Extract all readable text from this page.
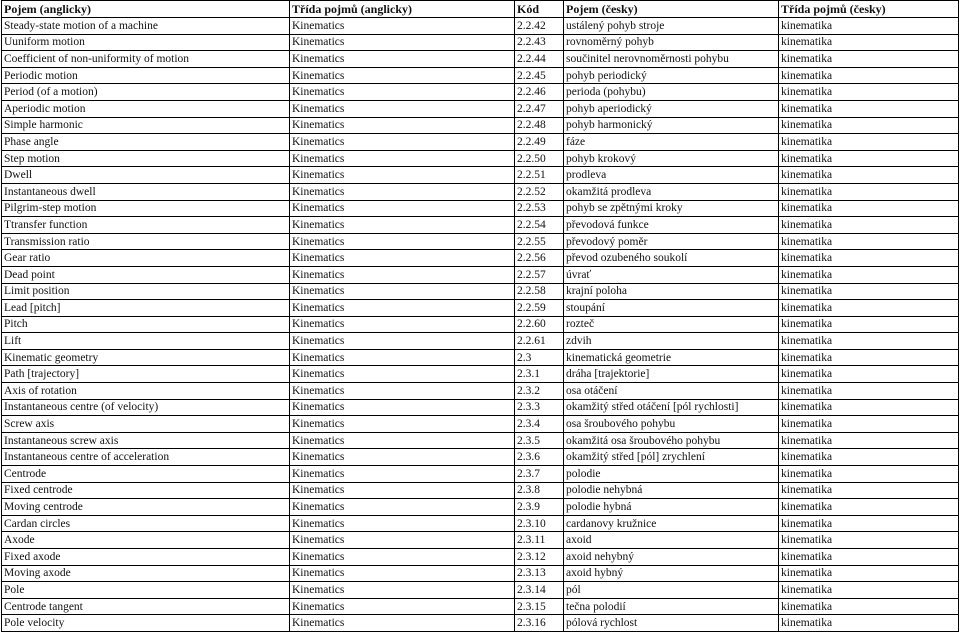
Pojem (anglicky)	Třída pojmů (anglicky)	Kód	Pojem (česky)	Třída pojmů (česky)
Steady-state motion of a machine	Kinematics	2.2.42	ustálený pohyb stroje	kinematika
Uuniform motion	Kinematics	2.2.43	rovnoměrný pohyb	kinematika
Coefficient of non-uniformity of motion	Kinematics	2.2.44	součinitel nerovnoměrnosti pohybu	kinematika
Periodic motion	Kinematics	2.2.45	pohyb periodický	kinematika
Period (of a motion)	Kinematics	2.2.46	perioda (pohybu)	kinematika
Aperiodic motion	Kinematics	2.2.47	pohyb aperiodický	kinematika
Simple harmonic	Kinematics	2.2.48	pohyb harmonický	kinematika
Phase angle	Kinematics	2.2.49	fáze	kinematika
Step motion	Kinematics	2.2.50	pohyb krokový	kinematika
Dwell	Kinematics	2.2.51	prodleva	kinematika
Instantaneous dwell	Kinematics	2.2.52	okamžitá prodleva	kinematika
Pilgrim-step motion	Kinematics	2.2.53	pohyb se zpětnými kroky	kinematika
Ttransfer function	Kinematics	2.2.54	převodová funkce	kinematika
Transmission ratio	Kinematics	2.2.55	převodový poměr	kinematika
Gear ratio	Kinematics	2.2.56	převod ozubeného soukolí	kinematika
Dead point	Kinematics	2.2.57	úvrať	kinematika
Limit position	Kinematics	2.2.58	krajní poloha	kinematika
Lead [pitch]	Kinematics	2.2.59	stoupání	kinematika
Pitch	Kinematics	2.2.60	rozteč	kinematika
Lift	Kinematics	2.2.61	zdvih	kinematika
Kinematic geometry	Kinematics	2.3	kinematická geometrie	kinematika
Path [trajectory]	Kinematics	2.3.1	dráha [trajektorie]	kinematika
Axis of rotation	Kinematics	2.3.2	osa otáčení	kinematika
Instantaneous centre (of velocity)	Kinematics	2.3.3	okamžitý střed otáčení [pól rychlosti]	kinematika
Screw axis	Kinematics	2.3.4	osa šroubového pohybu	kinematika
Instantaneous screw axis	Kinematics	2.3.5	okamžitá osa šroubového pohybu	kinematika
Instantaneous centre of acceleration	Kinematics	2.3.6	okamžitý střed [pól] zrychlení	kinematika
Centrode	Kinematics	2.3.7	polodie	kinematika
Fixed centrode	Kinematics	2.3.8	polodie nehybná	kinematika
Moving centrode	Kinematics	2.3.9	polodie hybná	kinematika
Cardan circles	Kinematics	2.3.10	cardanovy kružnice	kinematika
Axode	Kinematics	2.3.11	axoid	kinematika
Fixed axode	Kinematics	2.3.12	axoid nehybný	kinematika
Moving axode	Kinematics	2.3.13	axoid hybný	kinematika
Pole	Kinematics	2.3.14	pól	kinematika
Centrode tangent	Kinematics	2.3.15	tečna polodií	kinematika
Pole velocity	Kinematics	2.3.16	pólová rychlost	kinematika
